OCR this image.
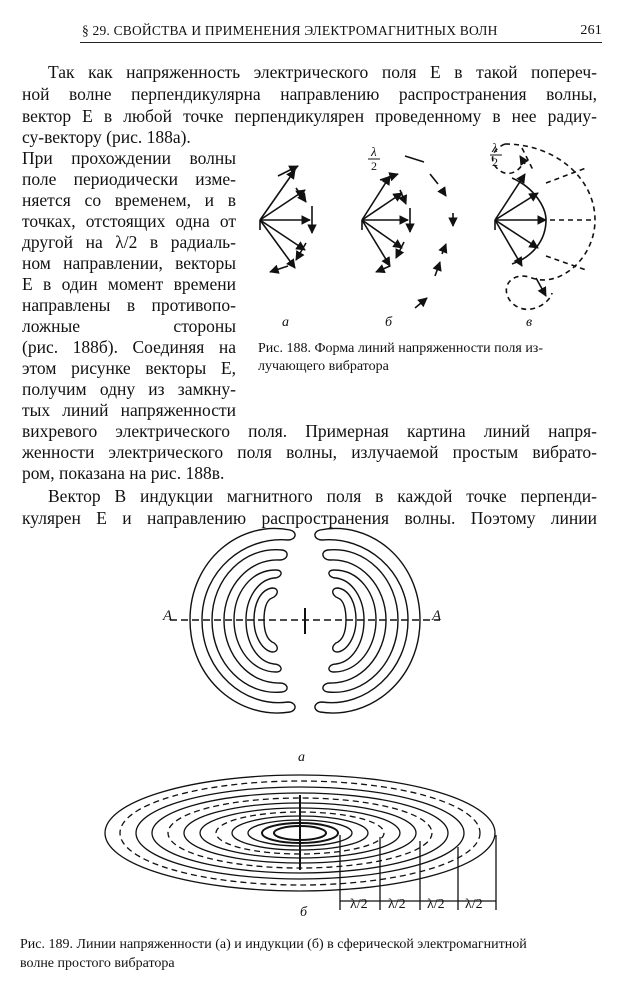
§ 29. СВОЙСТВА И ПРИМЕНЕНИЯ ЭЛЕКТРОМАГНИТНЫХ ВОЛН	261
Так как напряженность электрического поля E в такой попереч-
ной волне перпендикулярна направлению распространения волны,
вектор E в любой точке перпендикулярен проведенному в нее радиу-
су-вектору (рис. 188а).
При прохождении волны
поле периодически изме-
няется со временем, и в
точках, отстоящих одна от
другой на λ/2 в радиаль-
ном направлении, векторы
E в один момент времени
направлены в противопо-
ложные стороны
(рис. 188б). Соединяя на
этом рисунке векторы E,
получим одну из замкну-
тых линий напряженности
вихревого электрического поля. Примерная картина линий напря-
женности электрического поля волны, излучаемой простым вибрато-
ром, показана на рис. 188в.
Вектор B индукции магнитного поля в каждой точке перпенди-
кулярен E и направлению распространения волны. Поэтому линии
λ
2
λ
2
а	б	в
Рис. 188. Форма линий напряженности поля из-
лучающего вибратора
A	A
а
б
λ/2 λ/2 λ/2 λ/2
Рис. 189. Линии напряженности (а) и индукции (б) в сферической электромагнитной
волне простого вибратора
